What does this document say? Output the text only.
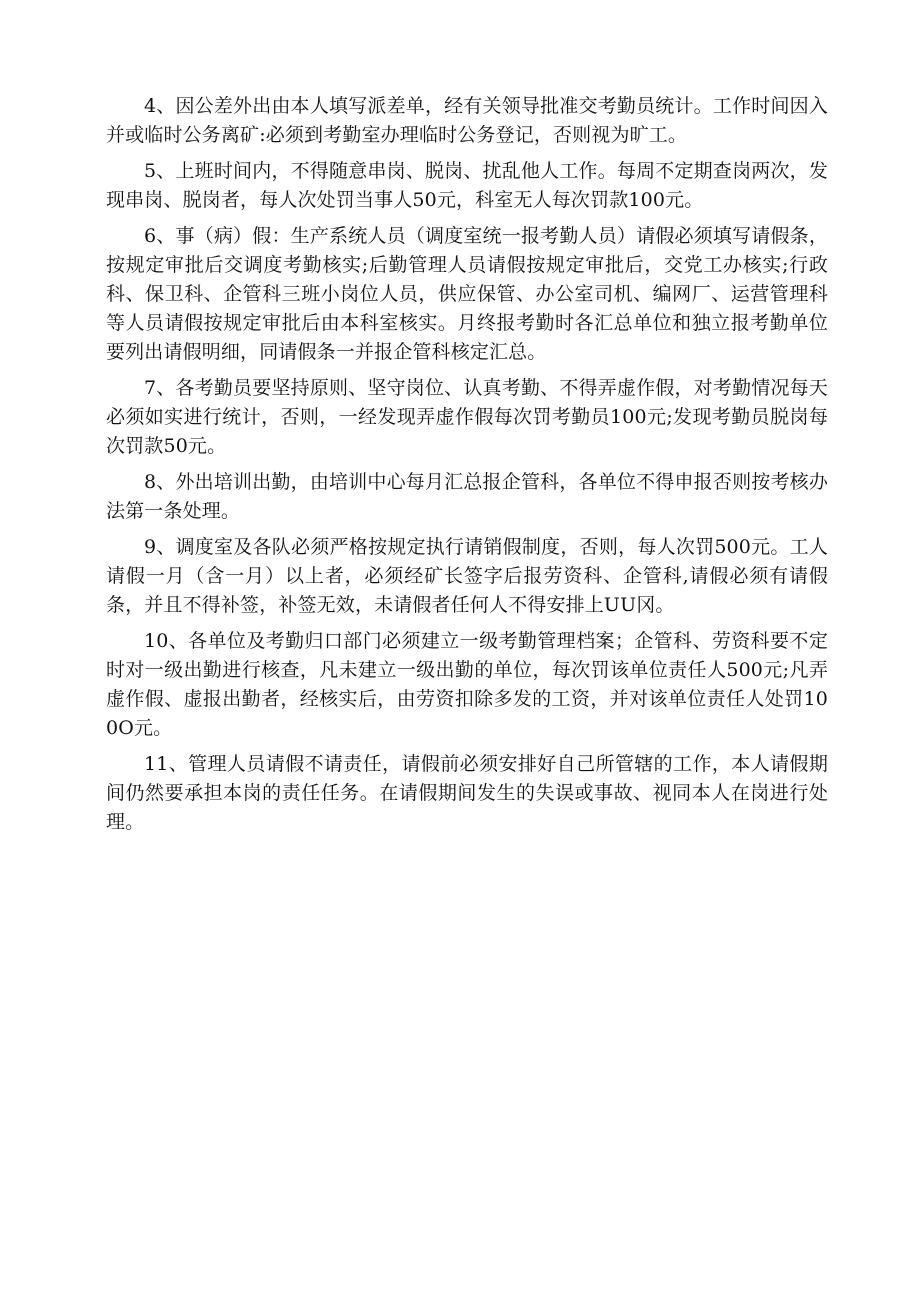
4、因公差外出由本人填写派差单，经有关领导批准交考勤员统计。工作时间因入并或临时公务离矿:必须到考勤室办理临时公务登记，否则视为旷工。

5、上班时间内，不得随意串岗、脱岗、扰乱他人工作。每周不定期查岗两次，发现串岗、脱岗者，每人次处罚当事人50元，科室无人每次罚款100元。

6、事（病）假：生产系统人员（调度室统一报考勤人员）请假必须填写请假条，按规定审批后交调度考勤核实;后勤管理人员请假按规定审批后，交党工办核实;行政科、保卫科、企管科三班小岗位人员，供应保管、办公室司机、编网厂、运营管理科等人员请假按规定审批后由本科室核实。月终报考勤时各汇总单位和独立报考勤单位要列出请假明细，同请假条一并报企管科核定汇总。

7、各考勤员要坚持原则、坚守岗位、认真考勤、不得弄虚作假，对考勤情况每天必须如实进行统计，否则，一经发现弄虚作假每次罚考勤员100元;发现考勤员脱岗每次罚款50元。

8、外出培训出勤，由培训中心每月汇总报企管科，各单位不得申报否则按考核办法第一条处理。

9、调度室及各队必须严格按规定执行请销假制度，否则，每人次罚500元。工人请假一月（含一月）以上者，必须经矿长签字后报劳资科、企管科,请假必须有请假条，并且不得补签，补签无效，未请假者任何人不得安排上UU冈。

10、各单位及考勤归口部门必须建立一级考勤管理档案；企管科、劳资科要不定时对一级出勤进行核查，凡未建立一级出勤的单位，每次罚该单位责任人500元;凡弄虚作假、虚报出勤者，经核实后，由劳资扣除多发的工资，并对该单位责任人处罚100O元。

11、管理人员请假不请责任，请假前必须安排好自己所管辖的工作，本人请假期间仍然要承担本岗的责任任务。在请假期间发生的失误或事故、视同本人在岗进行处理。
